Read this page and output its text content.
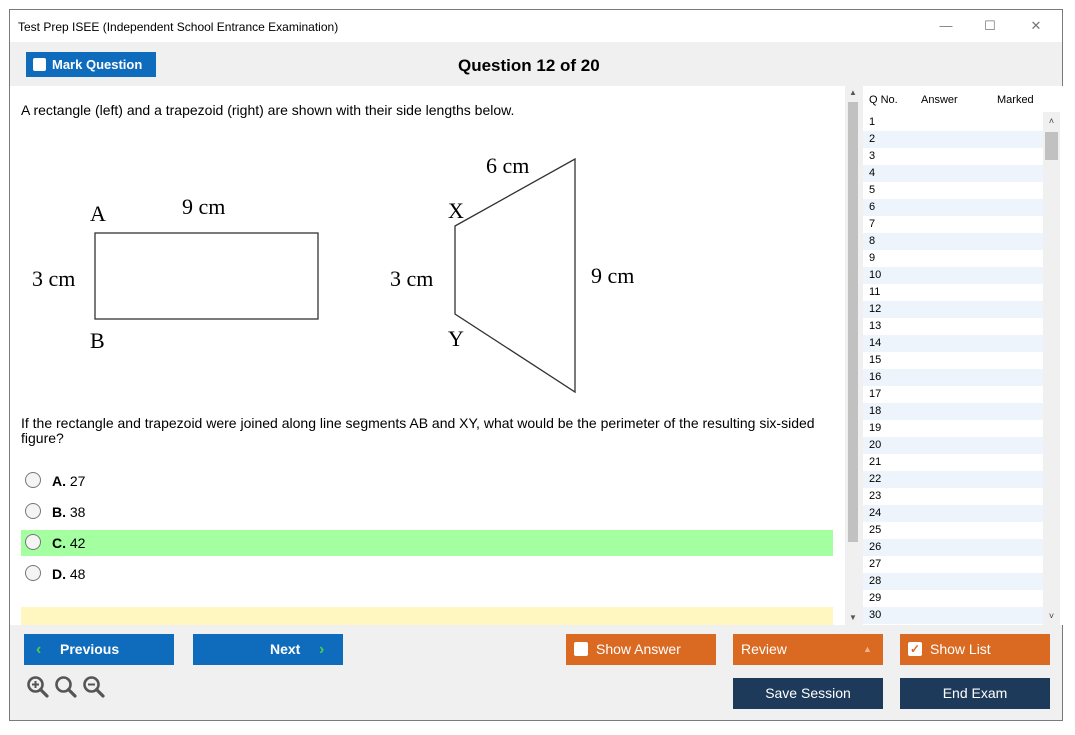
Test Prep ISEE (Independent School Entrance Examination)	—	☐	✕
Mark Question	Question 12 of 20
A rectangle (left) and a trapezoid (right) are shown with their side lengths below.
9 cm
A
3 cm
B
6 cm
X
3 cm	9 cm
Y
If the rectangle and trapezoid were joined along line segments AB and XY, what would be the perimeter of the resulting six-sided figure?
A. 27
B. 38
C. 42
D. 48
▲
▼
Q No. Answer	Marked
1
2
3
4
5
6
7
8
9
10
11
12
13
14
15
16
17
18
19
20
21
22
23
24
25
26
27
28
29
30
˄
˅
‹ Previous	Next ›	Show Answer	Review	▲	✓ Show List
Save Session	End Exam
